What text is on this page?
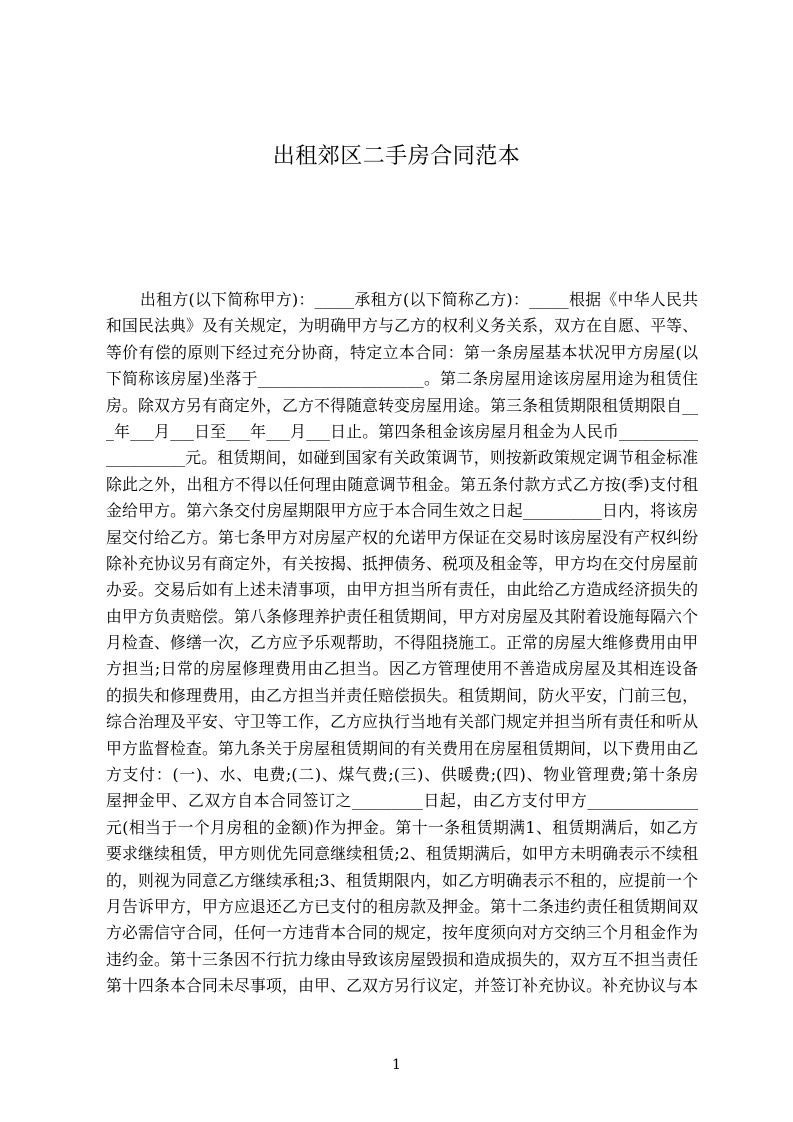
出租郊区二手房合同范本
出租方(以下简称甲方)：_____承租方(以下简称乙方)：_____根据《中华人民共
和国民法典》及有关规定，为明确甲方与乙方的权利义务关系，双方在自愿、平等、
等价有偿的原则下经过充分协商，特定立本合同：第一条房屋基本状况甲方房屋(以
下简称该房屋)坐落于_____________________。第二条房屋用途该房屋用途为租赁住
房。除双方另有商定外，乙方不得随意转变房屋用途。第三条租赁期限租赁期限自__
_年___月___日至___年___月___日止。第四条租金该房屋月租金为人民币__________
__________元。租赁期间，如碰到国家有关政策调节，则按新政策规定调节租金标准
除此之外，出租方不得以任何理由随意调节租金。第五条付款方式乙方按(季)支付租
金给甲方。第六条交付房屋期限甲方应于本合同生效之日起__________日内，将该房
屋交付给乙方。第七条甲方对房屋产权的允诺甲方保证在交易时该房屋没有产权纠纷
除补充协议另有商定外，有关按揭、抵押债务、税项及租金等，甲方均在交付房屋前
办妥。交易后如有上述未清事项，由甲方担当所有责任，由此给乙方造成经济损失的
由甲方负责赔偿。第八条修理养护责任租赁期间，甲方对房屋及其附着设施每隔六个
月检查、修缮一次，乙方应予乐观帮助，不得阻挠施工。正常的房屋大维修费用由甲
方担当;日常的房屋修理费用由乙担当。因乙方管理使用不善造成房屋及其相连设备
的损失和修理费用，由乙方担当并责任赔偿损失。租赁期间，防火平安，门前三包，
综合治理及平安、守卫等工作，乙方应执行当地有关部门规定并担当所有责任和听从
甲方监督检查。第九条关于房屋租赁期间的有关费用在房屋租赁期间，以下费用由乙
方支付：(一)、水、电费;(二)、煤气费;(三)、供暖费;(四)、物业管理费;第十条房
屋押金甲、乙双方自本合同签订之_________日起，由乙方支付甲方______________
元(相当于一个月房租的金额)作为押金。第十一条租赁期满1、租赁期满后，如乙方
要求继续租赁，甲方则优先同意继续租赁;2、租赁期满后，如甲方未明确表示不续租
的，则视为同意乙方继续承租;3、租赁期限内，如乙方明确表示不租的，应提前一个
月告诉甲方，甲方应退还乙方已支付的租房款及押金。第十二条违约责任租赁期间双
方必需信守合同，任何一方违背本合同的规定，按年度须向对方交纳三个月租金作为
违约金。第十三条因不行抗力缘由导致该房屋毁损和造成损失的，双方互不担当责任
第十四条本合同未尽事项，由甲、乙双方另行议定，并签订补充协议。补充协议与本
1
